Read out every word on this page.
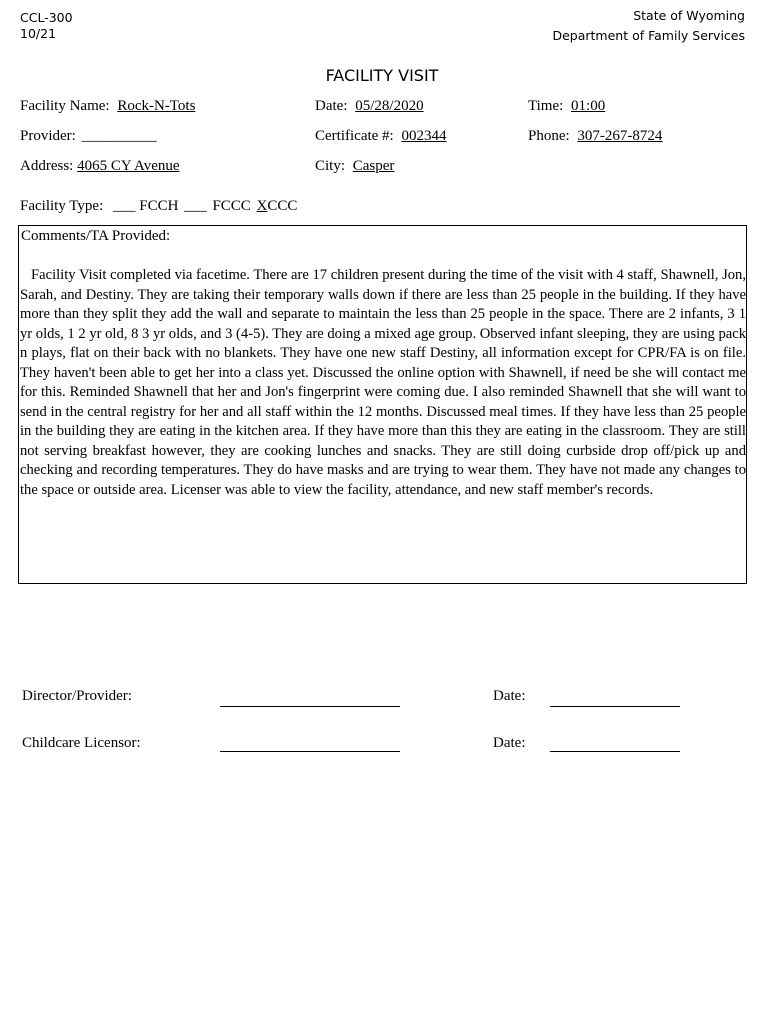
CCL-300
10/21
State of Wyoming
Department of Family Services
FACILITY VISIT
Facility Name: Rock-N-Tots	Date: 05/28/2020	Time: 01:00
Provider: __________	Certificate #: 002344	Phone: 307-267-8724
Address: 4065 CY Avenue	City: Casper
Facility Type: ___ FCCH ___ FCCC XCCC
Comments/TA Provided:
Facility Visit completed via facetime. There are 17 children present during the time of the visit with 4 staff, Shawnell, Jon, Sarah, and Destiny. They are taking their temporary walls down if there are less than 25 people in the building. If they have more than they split they add the wall and separate to maintain the less than 25 people in the space. There are 2 infants, 3 1 yr olds, 1 2 yr old, 8 3 yr olds, and 3 (4-5). They are doing a mixed age group. Observed infant sleeping, they are using pack n plays, flat on their back with no blankets. They have one new staff Destiny, all information except for CPR/FA is on file. They haven't been able to get her into a class yet. Discussed the online option with Shawnell, if need be she will contact me for this. Reminded Shawnell that her and Jon's fingerprint were coming due. I also reminded Shawnell that she will want to send in the central registry for her and all staff within the 12 months. Discussed meal times. If they have less than 25 people in the building they are eating in the kitchen area. If they have more than this they are eating in the classroom. They are still not serving breakfast however, they are cooking lunches and snacks. They are still doing curbside drop off/pick up and checking and recording temperatures. They do have masks and are trying to wear them. They have not made any changes to the space or outside area. Licenser was able to view the facility, attendance, and new staff member's records.
Director/Provider:	Date:
Childcare Licensor:	Date:
